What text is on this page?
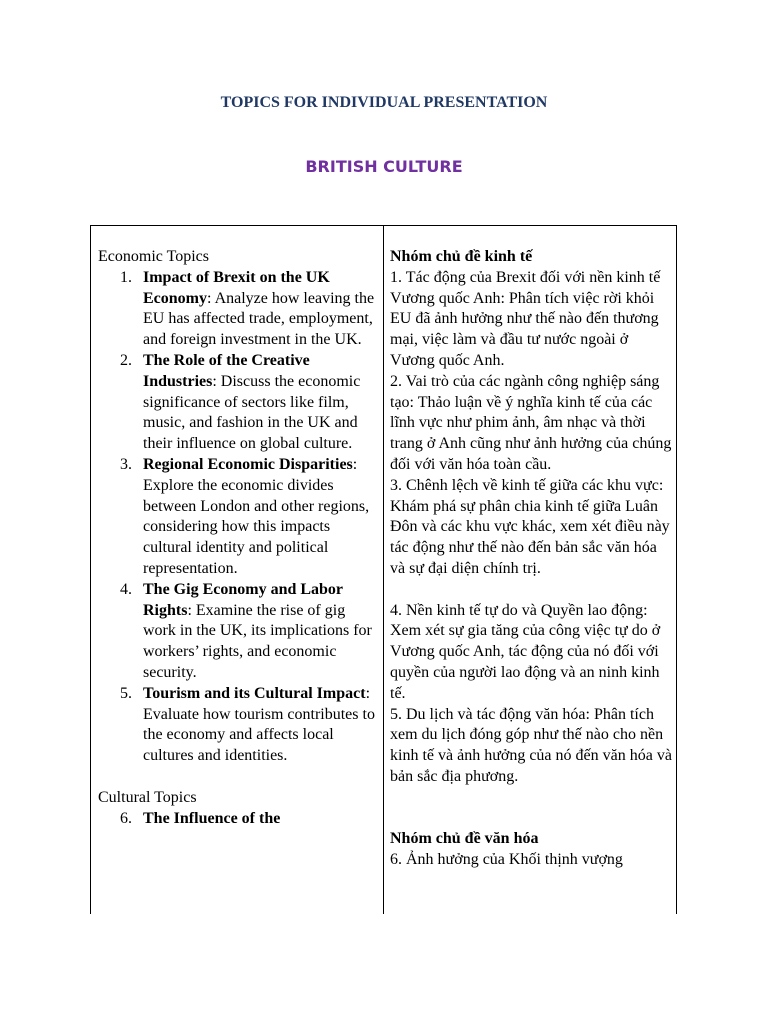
TOPICS FOR INDIVIDUAL PRESENTATION
BRITISH CULTURE

Economic Topics

1. Impact of Brexit on the UK Economy: Analyze how leaving the EU has affected trade, employment, and foreign investment in the UK.
2. The Role of the Creative Industries: Discuss the economic significance of sectors like film, music, and fashion in the UK and their influence on global culture.
3. Regional Economic Disparities: Explore the economic divides between London and other regions, considering how this impacts cultural identity and political representation.
4. The Gig Economy and Labor Rights: Examine the rise of gig work in the UK, its implications for workers’ rights, and economic security.
5. Tourism and its Cultural Impact: Evaluate how tourism contributes to the economy and affects local cultures and identities.

Cultural Topics

6. The Influence of the

Nhóm chủ đề kinh tế

1. Tác động của Brexit đối với nền kinh tế Vương quốc Anh: Phân tích việc rời khỏi EU đã ảnh hưởng như thế nào đến thương mại, việc làm và đầu tư nước ngoài ở Vương quốc Anh.

2. Vai trò của các ngành công nghiệp sáng tạo: Thảo luận về ý nghĩa kinh tế của các lĩnh vực như phim ảnh, âm nhạc và thời trang ở Anh cũng như ảnh hưởng của chúng đối với văn hóa toàn cầu.

3. Chênh lệch về kinh tế giữa các khu vực: Khám phá sự phân chia kinh tế giữa Luân Đôn và các khu vực khác, xem xét điều này tác động như thế nào đến bản sắc văn hóa và sự đại diện chính trị.

4. Nền kinh tế tự do và Quyền lao động: Xem xét sự gia tăng của công việc tự do ở Vương quốc Anh, tác động của nó đối với quyền của người lao động và an ninh kinh tế.

5. Du lịch và tác động văn hóa: Phân tích xem du lịch đóng góp như thế nào cho nền kinh tế và ảnh hưởng của nó đến văn hóa và bản sắc địa phương.

Nhóm chủ đề văn hóa

6. Ảnh hưởng của Khối thịnh vượng
